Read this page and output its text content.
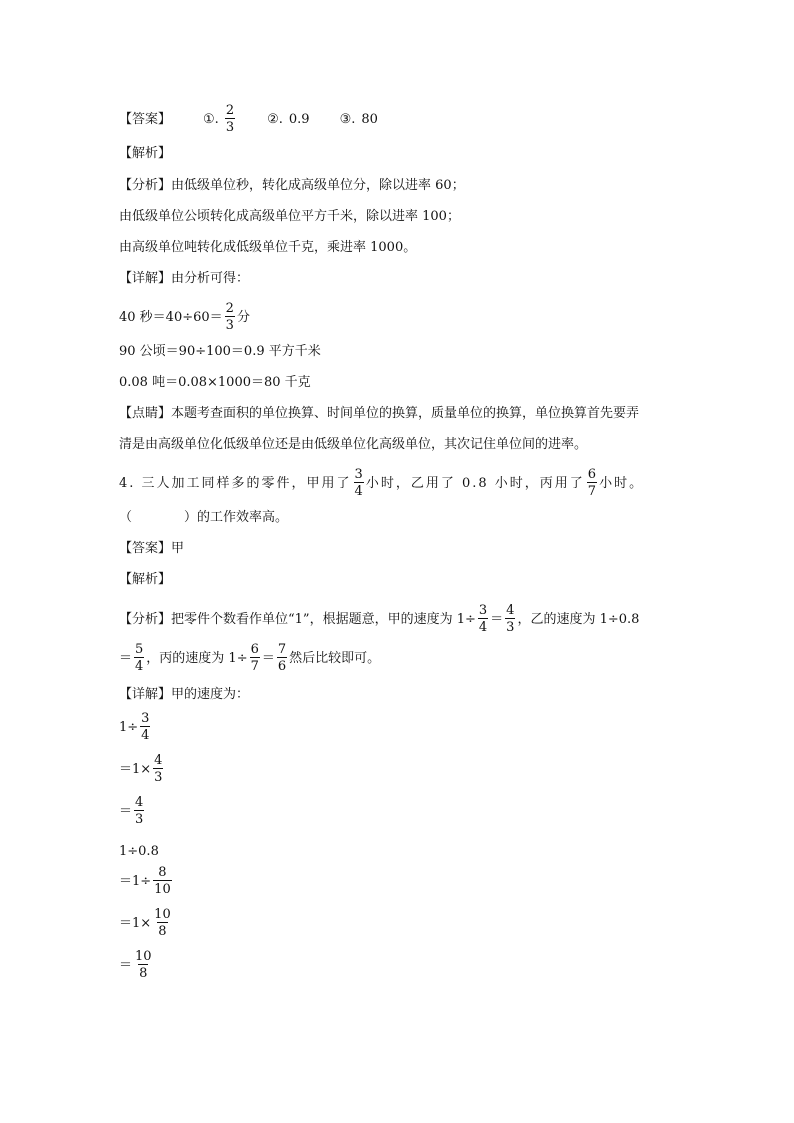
【答案】 ①. $\frac{2}{3}$ ②. 0.9 ③. 80
【解析】
【分析】 由低级单位秒，转化成高级单位分，除以进率 60；
由低级单位公顷转化成高级单位平方千米，除以进率 100；
由高级单位吨转化成低级单位千克，乘进率 1000。
【详解】 由分析可得：
40 秒$=40\div 60= \frac{2}{3}$ 分
90 公顷＝90÷100＝0.9 平方千米
0.08 吨＝0.08×1000＝80 千克
【点睛】 本题考查面积的单位换算、时间单位的换算，质量单位的换算，单位换算首先要弄
清是由高级单位化低级单位还是由低级单位化高级单位，其次记住单位间的进率。
4. 三人加工同样多的零件，甲用了 $\frac{3}{4}$ 小时，乙用了 0.8 小时，丙用了 $\frac{6}{7}$ 小时。
（　　　　）的工作效率高。
【答案】 甲
【解析】
【分析】 把零件个数看作单位“1”，根据题意，甲的速度为 $1\div \frac{3}{4} = \frac{4}{3}$ ，乙的速度为 1÷0.8
＝ $\frac{5}{4}$ ，丙的速度为 $1\div \frac{6}{7} = \frac{7}{6}$ 然后比较即可。
【详解】 甲的速度为：
$1\div \frac{3}{4}$
$=1\times \frac{4}{3}$
＝ $\frac{4}{3}$
1÷0.8
$=1\div \frac{8}{10}$
$=1\times \frac{10}{8}$
＝ $\frac{10}{8}$
